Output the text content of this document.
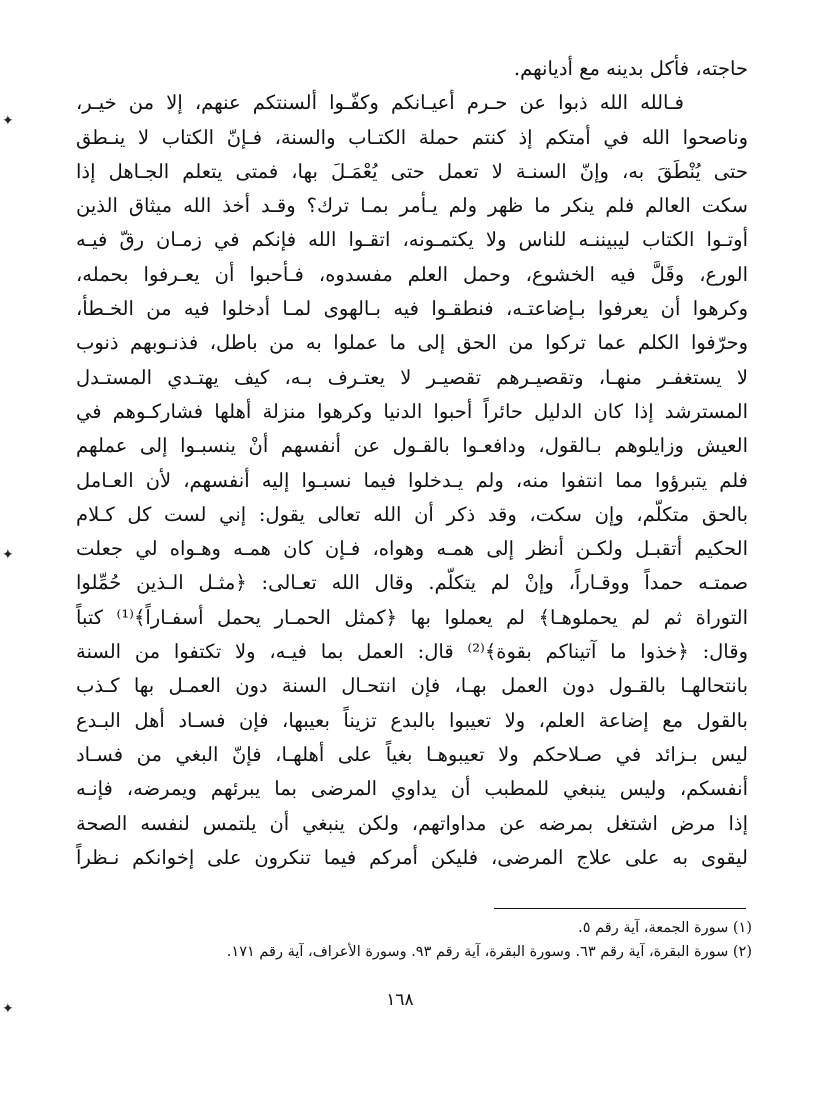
✦
✦
✦
حاجته، فأكل بدينه مع أديانهم.
فـالله الله ذبوا عن حـرم أعيـانكم وكفّـوا ألسنتكم عنهم، إلا من خيـر،
وناصحوا الله في أمتكم إذ كنتم حملة الكتـاب والسنة، فـإنّ الكتاب لا ينـطق
حتى يُنْطَقَ به، وإنّ السنـة لا تعمل حتى يُعْمَـلَ بها، فمتى يتعلم الجـاهل إذا
سكت العالم فلم ينكر ما ظهر ولم يـأمر بمـا ترك؟ وقـد أخذ الله ميثاق الذين
أوتـوا الكتاب ليبيننـه للناس ولا يكتمـونه، اتقـوا الله فإنكم في زمـان رقّ فيـه
الورع، وقَلَّ فيه الخشوع، وحمل العلم مفسدوه، فـأحبوا أن يعـرفوا بحمله،
وكرهوا أن يعرفوا بـإضاعتـه، فنطقـوا فيه بـالهوى لمـا أدخلوا فيه من الخـطأ،
وحرّفوا الكلم عما تركوا من الحق إلى ما عملوا به من باطل، فذنـوبهم ذنوب
لا يستغفـر منهـا، وتقصيـرهم تقصيـر لا يعتـرف بـه، كيف يهتـدي المستـدل
المسترشد إذا كان الدليل حائراً أحبوا الدنيا وكرهوا منزلة أهلها فشاركـوهم في
العيش وزايلوهم بـالقول، ودافعـوا بالقـول عن أنفسهم أنْ ينسبـوا إلى عملهم
فلم يتبرؤوا مما انتفوا منه، ولم يـدخلوا فيما نسبـوا إليه أنفسهم، لأن العـامل
بالحق متكلّم، وإن سكت، وقد ذكر أن الله تعالى يقول: إني لست كل كـلام
الحكيم أتقبـل ولكـن أنظر إلى همـه وهواه، فـإن كان همـه وهـواه لي جعلت
صمتـه حمداً ووقـاراً، وإنْ لم يتكلّم. وقال الله تعـالى: ﴿مثـل الـذين حُمِّلوا
التوراة ثم لم يحملوهـا﴾ لم يعملوا بها ﴿كمثل الحمـار يحمل أسفـاراً﴾⁽¹⁾ كتباً
وقال: ﴿خذوا ما آتيناكم بقوة﴾⁽²⁾ قال: العمل بما فيـه، ولا تكتفوا من السنة
بانتحالهـا بالقـول دون العمل بهـا، فإن انتحـال السنة دون العمـل بها كـذب
بالقول مع إضاعة العلم، ولا تعيبوا بالبدع تزيناً بعيبها، فإن فسـاد أهل البـدع
ليس بـزائد في صـلاحكم ولا تعيبوهـا بغياً على أهلهـا، فإنّ البغي من فسـاد
أنفسكم، وليس ينبغي للمطبب أن يداوي المرضى بما يبرئهم ويمرضه، فإنـه
إذا مرض اشتغل بمرضه عن مداواتهم، ولكن ينبغي أن يلتمس لنفسه الصحة
ليقوى به على علاج المرضى، فليكن أمركم فيما تنكرون على إخوانكم نـظراً
(١) سورة الجمعة، آية رقم ٥.
(٢) سورة البقرة، آية رقم ٦٣. وسورة البقرة، آية رقم ٩٣. وسورة الأعراف، آية رقم ١٧١.
١٦٨
